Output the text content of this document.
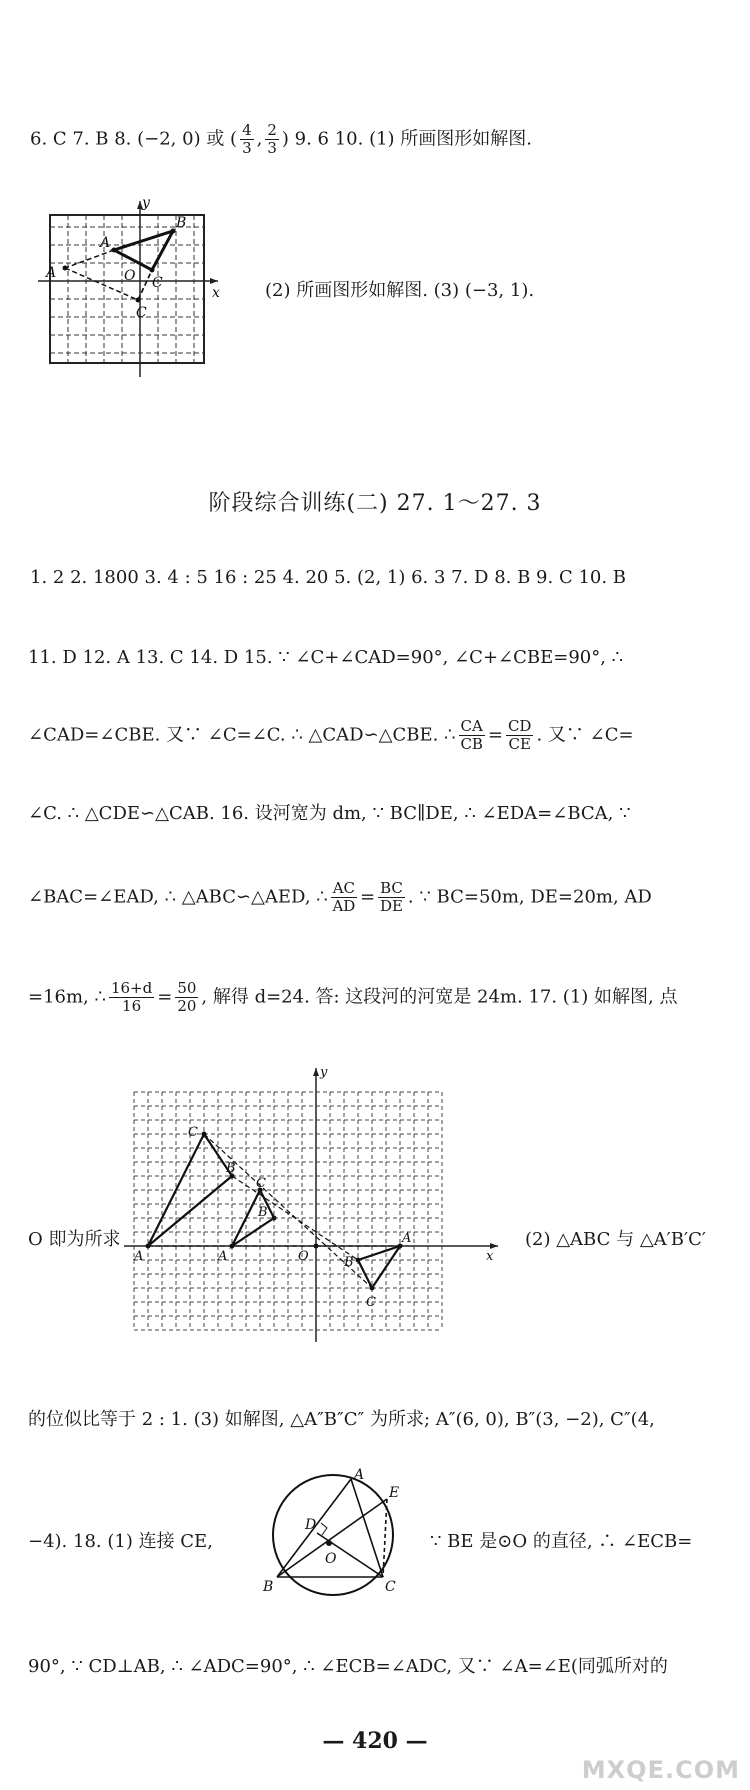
6. C 7. B 8. (−2, 0) 或 ( $\frac{4}{3}$ , $\frac{2}{3}$ ) 9. 6 10. (1) 所画图形如解图.
y
x
A
B
O C
A
C
(2) 所画图形如解图. (3) (−3, 1).
阶段综合训练(二) 27. 1～27. 3
1. 2 2. 1800 3. 4 : 5 16 : 25 4. 20 5. (2, 1) 6. 3 7. D 8. B 9. C 10. B
11. D 12. A 13. C 14. D 15. ∵ ∠C+∠CAD=90°, ∠C+∠CBE=90°, ∴
∠CAD=∠CBE. 又∵ ∠C=∠C. ∴ △CAD∽△CBE. ∴ $\frac{CA}{CB} = \frac{CD}{CE}$ . 又∵ ∠C=
∠C. ∴ △CDE∽△CAB. 16. 设河宽为 dm, ∵ BC∥DE, ∴ ∠EDA=∠BCA, ∵
∠BAC=∠EAD, ∴ △ABC∽△AED, ∴ $\frac{AC}{AD} = \frac{BC}{DE}$ . ∵ BC=50m, DE=20m, AD
=16m, ∴ $\frac{16+d}{16} = \frac{50}{20}$ , 解得 d=24. 答: 这段河的河宽是 24m. 17. (1) 如解图, 点
O 即为所求
y
x
C
B
C
B
A	A	O
A
B
C
(2) △ABC 与 △A′B′C′
的位似比等于 2 : 1. (3) 如解图, △A″B″C″ 为所求; A″(6, 0), B″(3, −2), C″(4,
−4). 18. (1) 连接 CE,
A
D
E
O
B	C
∵ BE 是⊙O 的直径, ∴ ∠ECB=
90°, ∵ CD⊥AB, ∴ ∠ADC=90°, ∴ ∠ECB=∠ADC, 又∵ ∠A=∠E(同弧所对的
— 420 —
MXQE.COM
